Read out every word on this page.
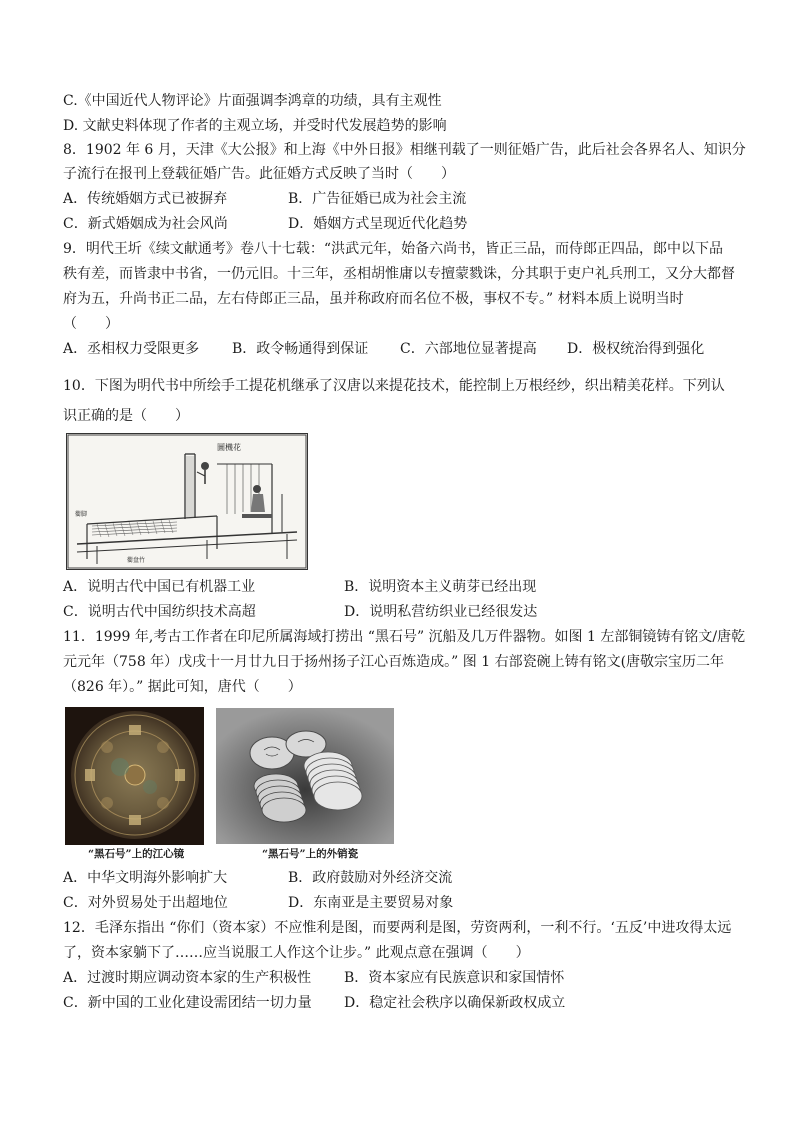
C.《中国近代人物评论》片面强调李鸿章的功绩，具有主观性
D. 文献史料体现了作者的主观立场，并受时代发展趋势的影响
8．1902 年 6 月，天津《大公报》和上海《中外日报》相继刊载了一则征婚广告，此后社会各界名人、知识分
子流行在报刊上登载征婚广告。此征婚方式反映了当时（　　）
A．传统婚姻方式已被摒弃	B．广告征婚已成为社会主流
C．新式婚姻成为社会风尚	D．婚姻方式呈现近代化趋势
9．明代王圻《续文献通考》卷八十七载：“洪武元年，始备六尚书，皆正三品，而侍郎正四品，郎中以下品
秩有差，而皆隶中书省，一仍元旧。十三年，丞相胡惟庸以专擅蒙戮诛，分其职于吏户礼兵刑工，又分大都督
府为五，升尚书正二品，左右侍郎正三品，虽并称政府而名位不极，事权不专。” 材料本质上说明当时
（　　）
A．丞相权力受限更多 B．政令畅通得到保证 C．六部地位显著提高 D．极权统治得到强化
10．下图为明代书中所绘手工提花机继承了汉唐以来提花技术，能控制上万根经纱，织出精美花样。下列认
识正确的是（　　）
圖機花
衢脚
衢盘竹
A．说明古代中国已有机器工业	B．说明资本主义萌芽已经出现
C．说明古代中国纺织技术高超	D．说明私营纺织业已经很发达
11．1999 年,考古工作者在印尼所属海域打捞出 “黑石号” 沉船及几万件器物。如图 1 左部铜镜铸有铭文/唐乾
元元年（758 年）戊戌十一月廿九日于扬州扬子江心百炼造成。” 图 1 右部瓷碗上铸有铭文(唐敬宗宝历二年
（826 年）。” 据此可知，唐代（　　）
“黑石号”上的江心镜	“黑石号”上的外销瓷
A．中华文明海外影响扩大	B．政府鼓励对外经济交流
C．对外贸易处于出超地位	D．东南亚是主要贸易对象
12．毛泽东指出 “你们（资本家）不应惟利是图，而要两利是图，劳资两利，一利不行。‘五反’中进攻得太远
了，资本家躺下了……应当说服工人作这个让步。” 此观点意在强调（　　）
A．过渡时期应调动资本家的生产积极性 B．资本家应有民族意识和家国情怀
C．新中国的工业化建设需团结一切力量 D．稳定社会秩序以确保新政权成立
